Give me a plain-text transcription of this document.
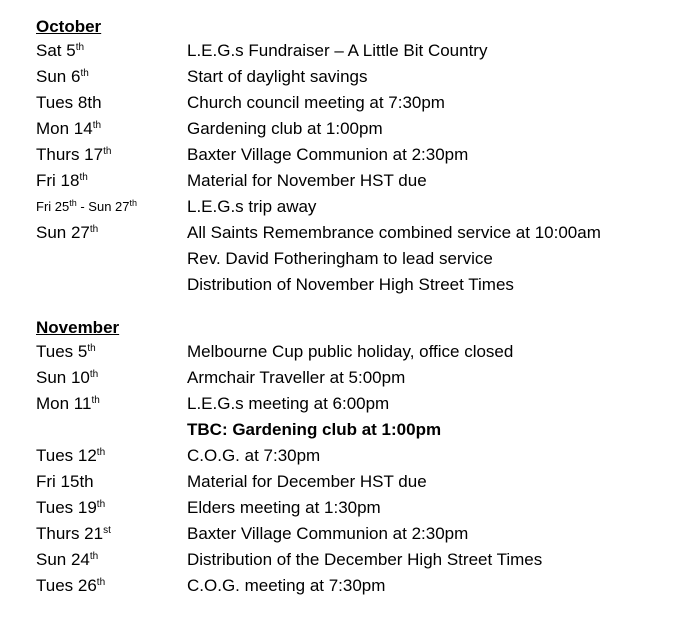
October
Sat 5th	L.E.G.s Fundraiser – A Little Bit Country
Sun 6th	Start of daylight savings
Tues 8th	Church council meeting at 7:30pm
Mon 14th	Gardening club at 1:00pm
Thurs 17th	Baxter Village Communion at 2:30pm
Fri 18th	Material for November HST due
Fri 25th - Sun 27th	L.E.G.s trip away
Sun 27th	All Saints Remembrance combined service at 10:00am
Rev. David Fotheringham to lead service
Distribution of November High Street Times
November
Tues 5th	Melbourne Cup public holiday, office closed
Sun 10th	Armchair Traveller at 5:00pm
Mon 11th	L.E.G.s meeting at 6:00pm
TBC: Gardening club at 1:00pm
Tues 12th	C.O.G. at 7:30pm
Fri 15th	Material for December HST due
Tues 19th	Elders meeting at 1:30pm
Thurs 21st	Baxter Village Communion at 2:30pm
Sun 24th	Distribution of the December High Street Times
Tues 26th	C.O.G. meeting at 7:30pm
